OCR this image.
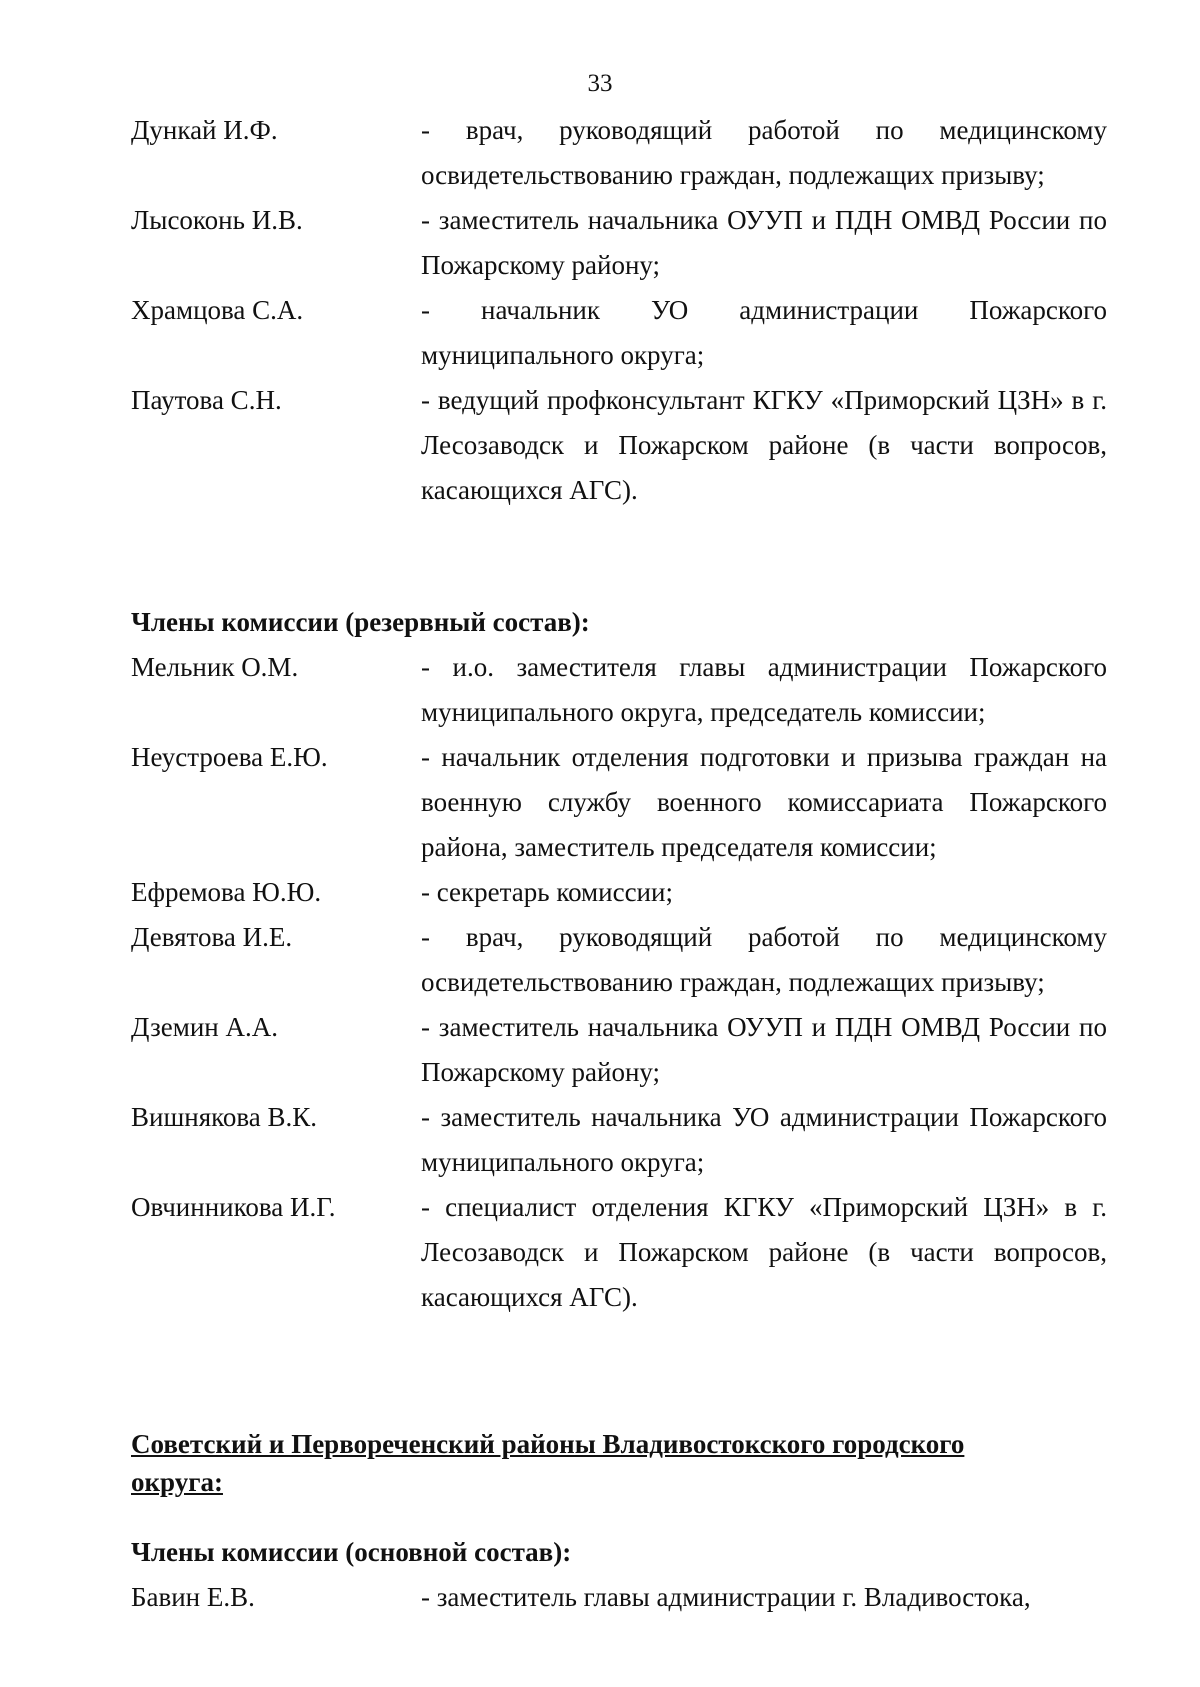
33
Дункай И.Ф.	- врач, руководящий работой по медицинскому освидетельствованию граждан, подлежащих призыву;
Лысоконь И.В.	- заместитель начальника ОУУП и ПДН ОМВД России по Пожарскому району;
Храмцова С.А.	- начальник УО администрации Пожарского муниципального округа;
Паутова С.Н.	- ведущий профконсультант КГКУ «Приморский ЦЗН» в г. Лесозаводск и Пожарском районе (в части вопросов, касающихся АГС).
Члены комиссии (резервный состав):
Мельник О.М.	- и.о. заместителя главы администрации Пожарского муниципального округа, председатель комиссии;
Неустроева Е.Ю.	- начальник отделения подготовки и призыва граждан на военную службу военного комиссариата Пожарского района, заместитель председателя комиссии;
Ефремова Ю.Ю.	- секретарь комиссии;
Девятова И.Е.	- врач, руководящий работой по медицинскому освидетельствованию граждан, подлежащих призыву;
Дземин А.А.	- заместитель начальника ОУУП и ПДН ОМВД России по Пожарскому району;
Вишнякова В.К.	- заместитель начальника УО администрации Пожарского муниципального округа;
Овчинникова И.Г.	- специалист отделения КГКУ «Приморский ЦЗН» в г. Лесозаводск и Пожарском районе (в части вопросов, касающихся АГС).
Советский и Первореченский районы Владивостокского городского
округа:
Члены комиссии (основной состав):
Бавин Е.В.	- заместитель главы администрации г. Владивостока,
